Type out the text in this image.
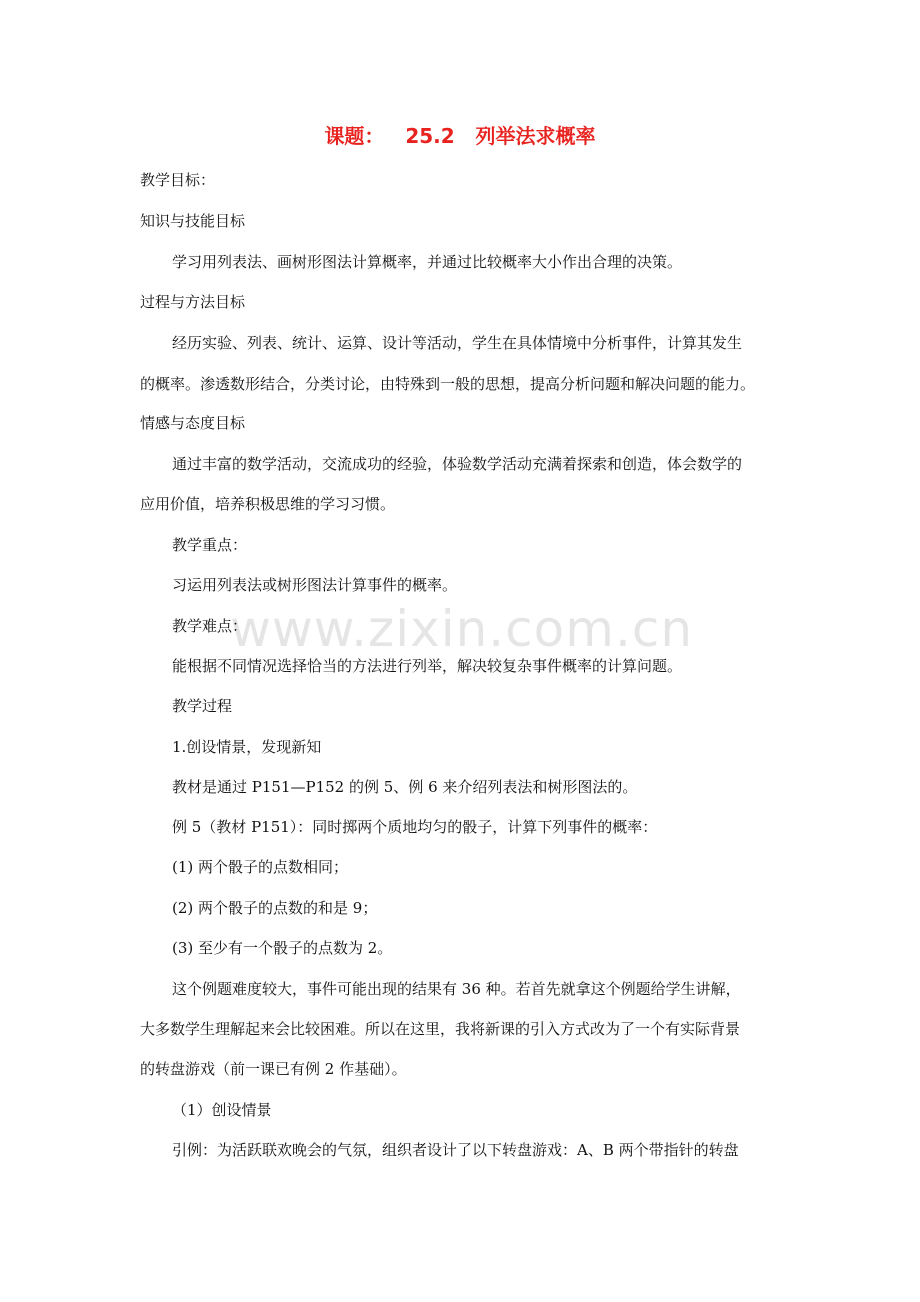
课题：   25.2   列举法求概率
教学目标：
知识与技能目标
学习用列表法、画树形图法计算概率，并通过比较概率大小作出合理的决策。
过程与方法目标
经历实验、列表、统计、运算、设计等活动，学生在具体情境中分析事件，计算其发生
的概率。渗透数形结合，分类讨论，由特殊到一般的思想，提高分析问题和解决问题的能力。
情感与态度目标
通过丰富的数学活动，交流成功的经验，体验数学活动充满着探索和创造，体会数学的
应用价值，培养积极思维的学习习惯。
教学重点：
习运用列表法或树形图法计算事件的概率。
教学难点：
能根据不同情况选择恰当的方法进行列举，解决较复杂事件概率的计算问题。
教学过程
1.创设情景，发现新知
教材是通过 P151—P152 的例 5、例 6 来介绍列表法和树形图法的。
例 5（教材 P151）：同时掷两个质地均匀的骰子，计算下列事件的概率：
(1) 两个骰子的点数相同；
(2) 两个骰子的点数的和是 9；
(3) 至少有一个骰子的点数为 2。
这个例题难度较大，事件可能出现的结果有 36 种。若首先就拿这个例题给学生讲解，
大多数学生理解起来会比较困难。所以在这里，我将新课的引入方式改为了一个有实际背景
的转盘游戏（前一课已有例 2 作基础）。
（1）创设情景
引例：为活跃联欢晚会的气氛，组织者设计了以下转盘游戏：A、B 两个带指针的转盘
www.zixin.com.cn
